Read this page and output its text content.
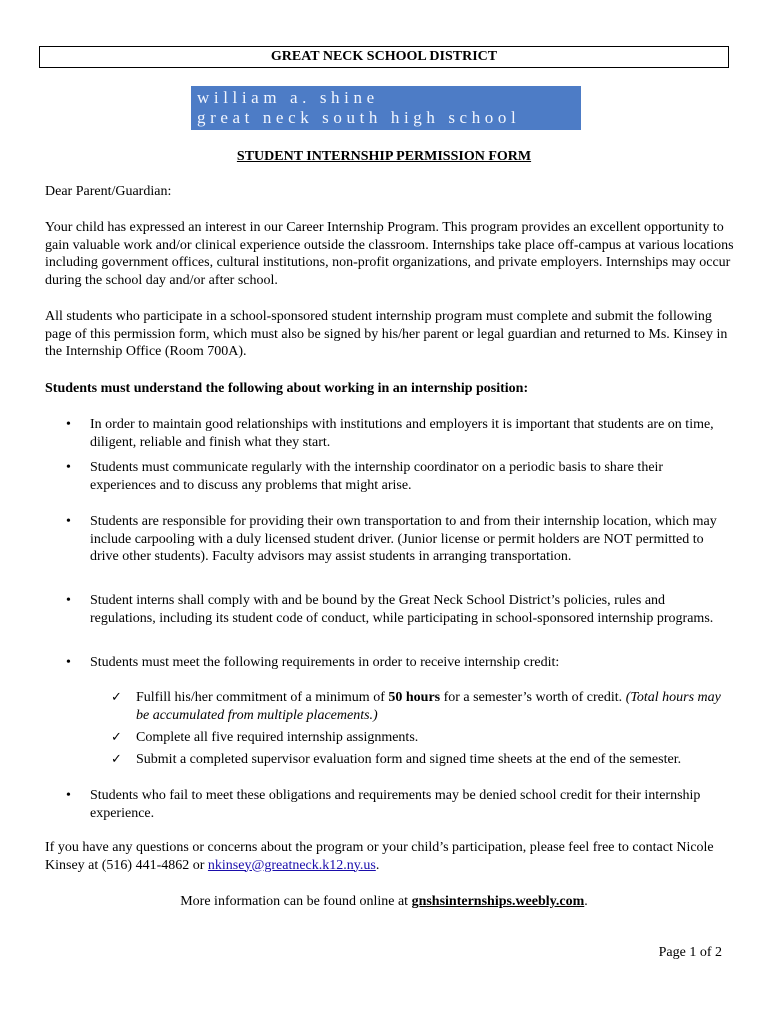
GREAT NECK SCHOOL DISTRICT
william a. shine
great neck south high school
STUDENT INTERNSHIP PERMISSION FORM
Dear Parent/Guardian:
Your child has expressed an interest in our Career Internship Program. This program provides an excellent opportunity to gain valuable work and/or clinical experience outside the classroom. Internships take place off-campus at various locations including government offices, cultural institutions, non-profit organizations, and private employers. Internships may occur during the school day and/or after school.
All students who participate in a school-sponsored student internship program must complete and submit the following page of this permission form, which must also be signed by his/her parent or legal guardian and returned to Ms. Kinsey in the Internship Office (Room 700A).
Students must understand the following about working in an internship position:
• In order to maintain good relationships with institutions and employers it is important that students are on time, diligent, reliable and finish what they start.
• Students must communicate regularly with the internship coordinator on a periodic basis to share their experiences and to discuss any problems that might arise.
• Students are responsible for providing their own transportation to and from their internship location, which may include carpooling with a duly licensed student driver. (Junior license or permit holders are NOT permitted to drive other students). Faculty advisors may assist students in arranging transportation.
• Student interns shall comply with and be bound by the Great Neck School District’s policies, rules and regulations, including its student code of conduct, while participating in school-sponsored internship programs.
• Students must meet the following requirements in order to receive internship credit:
✓ Fulfill his/her commitment of a minimum of 50 hours for a semester’s worth of credit. (Total hours may be accumulated from multiple placements.)
✓ Complete all five required internship assignments.
✓ Submit a completed supervisor evaluation form and signed time sheets at the end of the semester.
• Students who fail to meet these obligations and requirements may be denied school credit for their internship experience.
If you have any questions or concerns about the program or your child’s participation, please feel free to contact Nicole Kinsey at (516) 441-4862 or nkinsey@greatneck.k12.ny.us.
More information can be found online at gnshsinternships.weebly.com.
Page 1 of 2
